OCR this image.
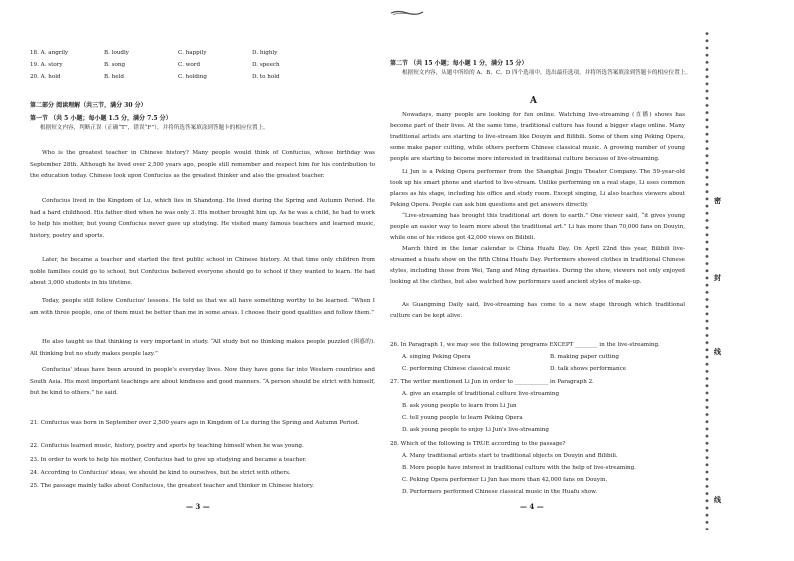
18. A. angrily	B. loudly	C. happily	D. highly
19. A. story	B. song	C. word	D. speech
20. A. hold	B. held	C. holding	D. to hold
第二部分 阅读理解（共三节，满分 30 分）
第一节 （共 5 小题；每小题 1.5 分，满分 7.5 分）
根据短文内容，判断正误（正确“T”，错误“F”），并将所选答案填涂到答题卡的相应位置上。
Who is the greatest teacher in Chinese history? Many people would think of Confucius, whose birthday was September 28th. Although he lived over 2,500 years ago, people still remember and respect him for his contribution to the education today. Chinese look upon Confucius as the greatest thinker and also the greatest teacher.
Confucius lived in the Kingdom of Lu, which lies in Shandong. He lived during the Spring and Autumn Period. He had a hard childhood. His father died when he was only 3. His mother brought him up. As he was a child, he had to work to help his mother, but young Confucius never gave up studying. He visited many famous teachers and learned music, history, poetry and sports.
Later, he became a teacher and started the first public school in Chinese history. At that time only children from noble families could go to school, but Confucius believed everyone should go to school if they wanted to learn. He had about 3,000 students in his lifetime.
Today, people still follow Confucius' lessons. He told us that we all have something worthy to be learned. “When I am with three people, one of them must be better than me in some areas. I choose their good qualities and follow them.”
He also taught us that thinking is very important in study. “All study but no thinking makes people puzzled (困惑的). All thinking but no study makes people lazy.”
Confucius' ideas have been around in people's everyday lives. Now they have gone far into Western countries and South Asia. His most important teachings are about kindness and good manners. “A person should be strict with himself, but be kind to others.” he said.
21. Confucius was born in September over 2,500 years ago in Kingdom of Lu during the Spring and Autumn Period.
22. Confucius learned music, history, poetry and sports by teaching himself when he was young.
23. In order to work to help his mother, Confucius had to give up studying and became a teacher.
24. According to Confucius' ideas, we should be kind to ourselves, but be strict with others.
25. The passage mainly talks about Confucious, the greatest teacher and thinker in Chinese history.
— 3 —
第二节 （共 15 小题；每小题 1 分，满分 15 分）
根据短文内容，从题中所给的 A、B、C、D 四个选项中，选出最佳选项，并将所选答案填涂到答题卡的相应位置上。
A
Nowadays, many people are looking for fun online. Watching live-streaming (直播) shows has become part of their lives. At the same time, traditional culture has found a bigger stage online. Many traditional artists are starting to live-stream like Douyin and Bilibili. Some of them sing Peking Opera, some make paper cutting, while others perform Chinese classical music. A growing number of young people are starting to become more interested in traditional culture because of live-streaming.
Li Jun is a Peking Opera performer from the Shanghai Jingju Theater Company. The 59-year-old took up his smart phone and started to live-stream. Unlike performing on a real stage, Li uses common places as his stage, including his office and study room. Except singing, Li also teaches viewers about Peking Opera. People can ask him questions and get answers directly.
“Live-streaming has brought this traditional art down to earth.” One viewer said, “it gives young people an easier way to learn more about the traditional art.” Li has more than 70,000 fans on Douyin, while one of his videos got 42,000 views on Bilibili.
March third in the lunar calendar is China Huafu Day. On April 22nd this year, Bilibili live-streamed a huafu show on the fifth China Huafu Day. Performers showed clothes in traditional Chinese styles, including those from Wei, Tang and Ming dynasties. During the show, viewers not only enjoyed looking at the clothes, but also watched how performers used ancient styles of make-up.
As Guangming Daily said, live-streaming has come to a new stage through which traditional culture can be kept alive.
26. In Paragraph 1, we may see the following programs EXCEPT ________ in the live-streaming.
A. singing Peking Opera	B. making paper cutting
C. performing Chinese classical music	D. talk shows performance
27. The writer mentioned Li Jun in order to ____________ in Paragraph 2.
A. give an example of traditional culture live-streaming
B. ask young people to learn from Li Jun
C. tell young people to learn Peking Opera
D. ask young people to enjoy Li Jun's live-streaming
28. Which of the following is TRUE according to the passage?
A. Many traditional artists start to traditional objects on Douyin and Bilibili.
B. More people have interest in traditional culture with the help of live-streaming.
C. Peking Opera performer Li Jun has more than 42,000 fans on Douyin.
D. Performers performed Chinese classical music in the Huafu show.
— 4 —
密
封
线
线
